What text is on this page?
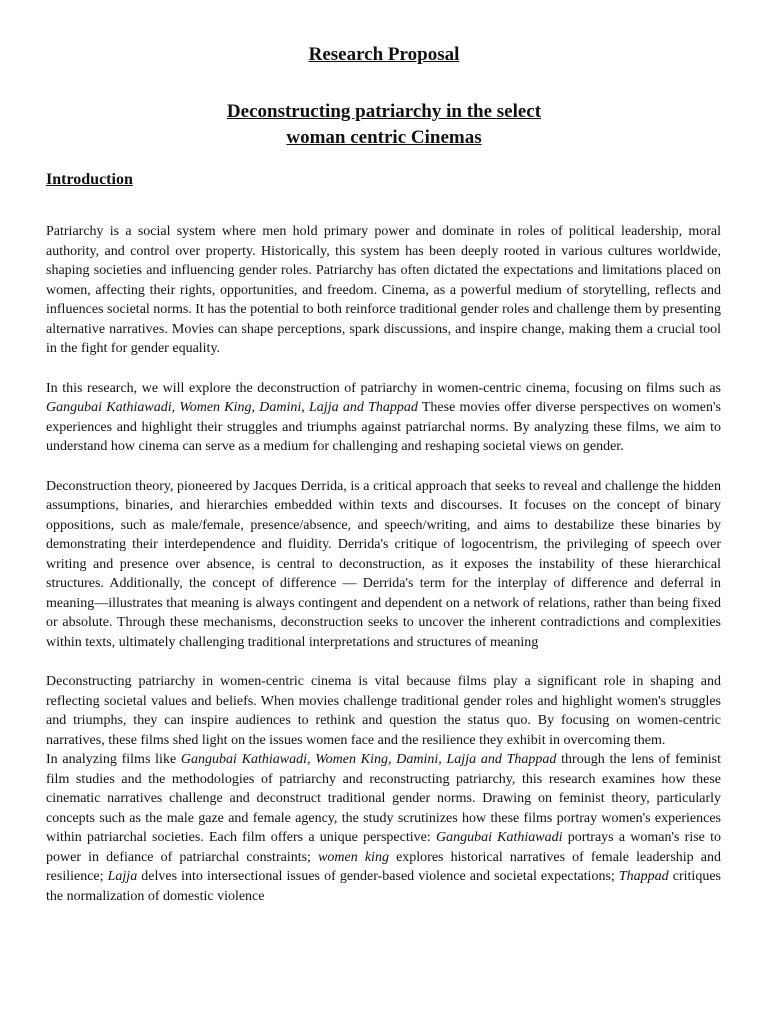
Research Proposal
Deconstructing patriarchy in the select
woman centric Cinemas
Introduction

Patriarchy is a social system where men hold primary power and dominate in roles of political leadership, moral authority, and control over property. Historically, this system has been deeply rooted in various cultures worldwide, shaping societies and influencing gender roles. Patriarchy has often dictated the expectations and limitations placed on women, affecting their rights, opportunities, and freedom. Cinema, as a powerful medium of storytelling, reflects and influences societal norms. It has the potential to both reinforce traditional gender roles and challenge them by presenting alternative narratives. Movies can shape perceptions, spark discussions, and inspire change, making them a crucial tool in the fight for gender equality.

In this research, we will explore the deconstruction of patriarchy in women-centric cinema, focusing on films such as Gangubai Kathiawadi, Women King, Damini, Lajja and Thappad These movies offer diverse perspectives on women's experiences and highlight their struggles and triumphs against patriarchal norms. By analyzing these films, we aim to understand how cinema can serve as a medium for challenging and reshaping societal views on gender.

Deconstruction theory, pioneered by Jacques Derrida, is a critical approach that seeks to reveal and challenge the hidden assumptions, binaries, and hierarchies embedded within texts and discourses. It focuses on the concept of binary oppositions, such as male/female, presence/absence, and speech/writing, and aims to destabilize these binaries by demonstrating their interdependence and fluidity. Derrida's critique of logocentrism, the privileging of speech over writing and presence over absence, is central to deconstruction, as it exposes the instability of these hierarchical structures. Additionally, the concept of difference — Derrida's term for the interplay of difference and deferral in meaning—illustrates that meaning is always contingent and dependent on a network of relations, rather than being fixed or absolute. Through these mechanisms, deconstruction seeks to uncover the inherent contradictions and complexities within texts, ultimately challenging traditional interpretations and structures of meaning

Deconstructing patriarchy in women-centric cinema is vital because films play a significant role in shaping and reflecting societal values and beliefs. When movies challenge traditional gender roles and highlight women's struggles and triumphs, they can inspire audiences to rethink and question the status quo. By focusing on women-centric narratives, these films shed light on the issues women face and the resilience they exhibit in overcoming them.

In analyzing films like Gangubai Kathiawadi, Women King, Damini, Lajja and Thappad through the lens of feminist film studies and the methodologies of patriarchy and reconstructing patriarchy, this research examines how these cinematic narratives challenge and deconstruct traditional gender norms. Drawing on feminist theory, particularly concepts such as the male gaze and female agency, the study scrutinizes how these films portray women's experiences within patriarchal societies. Each film offers a unique perspective: Gangubai Kathiawadi portrays a woman's rise to power in defiance of patriarchal constraints; women king explores historical narratives of female leadership and resilience; Lajja delves into intersectional issues of gender-based violence and societal expectations; Thappad critiques the normalization of domestic violence
